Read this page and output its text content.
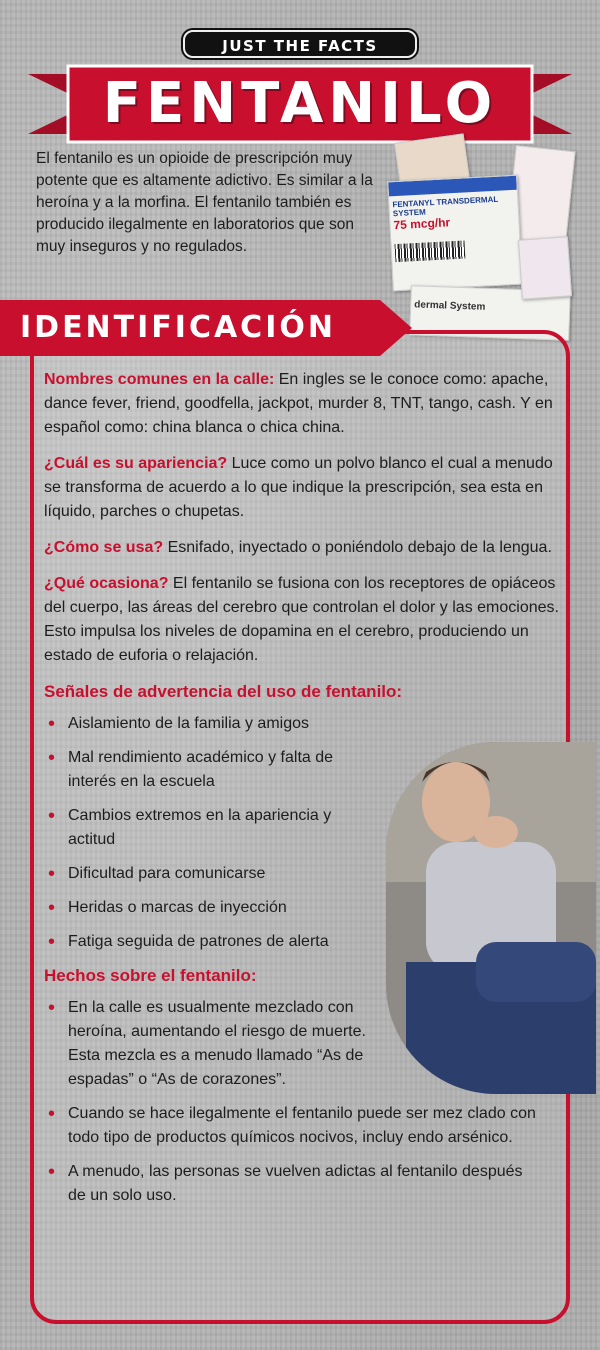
JUST THE FACTS
FENTANILO
El fentanilo es un opioide de prescripción muy potente que es altamente adictivo. Es similar a la heroína y a la morfina. El fentanilo también es producido ilegalmente en laboratorios que son muy inseguros y no regulados.
FENTANYL TRANSDERMAL SYSTEM
75 mcg/hr
dermal System
IDENTIFICACIÓN

Nombres comunes en la calle: En ingles se le conoce como: apache, dance fever, friend, goodfella, jackpot, murder 8, TNT, tango, cash. Y en español como: china blanca o chica china.

¿Cuál es su apariencia? Luce como un polvo blanco el cual a menudo se transforma de acuerdo a lo que indique la prescripción, sea esta en líquido, parches o chupetas.

¿Cómo se usa? Esnifado, inyectado o poniéndolo debajo de la lengua.

¿Qué ocasiona? El fentanilo se fusiona con los receptores de opiáceos del cuerpo, las áreas del cerebro que controlan el dolor y las emociones. Esto impulsa los niveles de dopamina en el cerebro, produciendo un estado de euforia o relajación.

Señales de advertencia del uso de fentanilo:
• Aislamiento de la familia y amigos
• Mal rendimiento académico y falta de interés en la escuela
• Cambios extremos en la apariencia y actitud
• Dificultad para comunicarse
• Heridas o marcas de inyección
• Fatiga seguida de patrones de alerta
Hechos sobre el fentanilo:
• En la calle es usualmente mezclado con heroína, aumentando el riesgo de muerte. Esta mezcla es a menudo llamado “As de espadas” o “As de corazones”.
• Cuando se hace ilegalmente el fentanilo puede ser mez clado con todo tipo de productos químicos nocivos, incluy endo arsénico.
• A menudo, las personas se vuelven adictas al fentanilo después de un solo uso.
